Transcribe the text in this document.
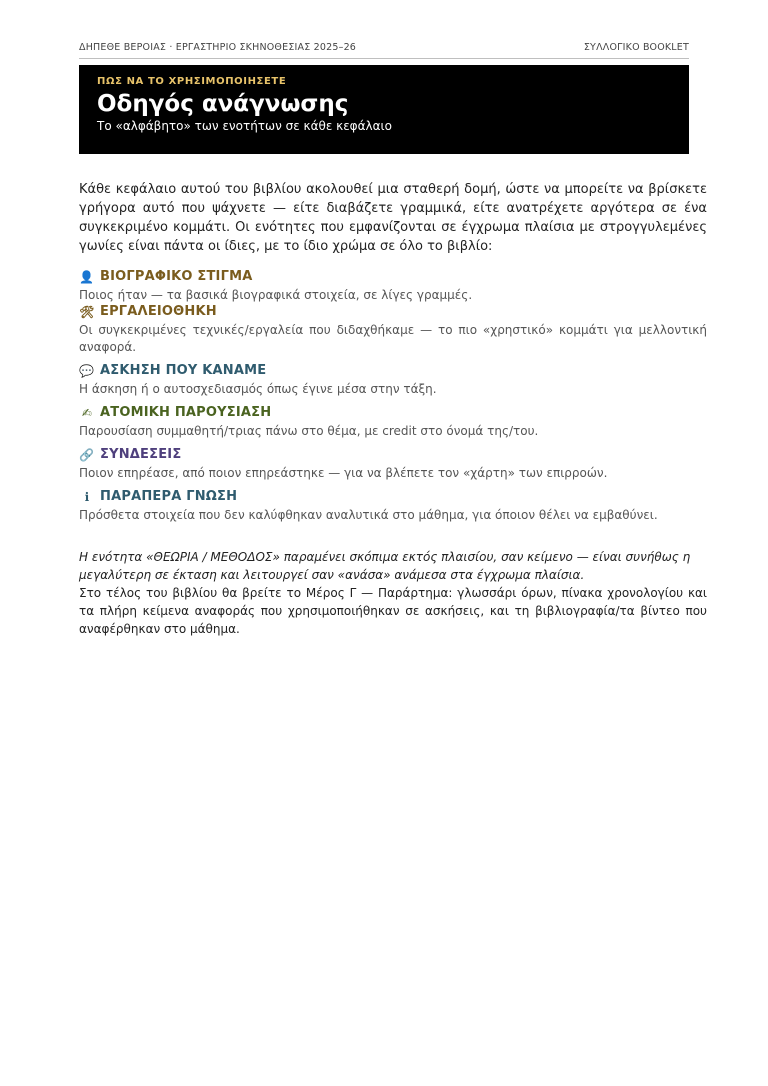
ΔΗΠΕΘΕ ΒΕΡΟΙΑΣ · ΕΡΓΑΣΤΗΡΙΟ ΣΚΗΝΟΘΕΣΙΑΣ 2025–26	ΣΥΛΛΟΓΙΚΟ BOOKLET
ΠΩΣ ΝΑ ΤΟ ΧΡΗΣΙΜΟΠΟΙΗΣΕΤΕ
Οδηγός ανάγνωσης
Το «αλφάβητο» των ενοτήτων σε κάθε κεφάλαιο
Κάθε κεφάλαιο αυτού του βιβλίου ακολουθεί μια σταθερή δομή, ώστε να μπορείτε να βρίσκετε γρήγορα αυτό που ψάχνετε — είτε διαβάζετε γραμμικά, είτε ανατρέχετε αργότερα σε ένα συγκεκριμένο κομμάτι. Οι ενότητες που εμφανίζονται σε έγχρωμα πλαίσια με στρογγυλεμένες γωνίες είναι πάντα οι ίδιες, με το ίδιο χρώμα σε όλο το βιβλίο:
👤 ΒΙΟΓΡΑΦΙΚΟ ΣΤΙΓΜΑ
Ποιος ήταν — τα βασικά βιογραφικά στοιχεία, σε λίγες γραμμές.
🛠 ΕΡΓΑΛΕΙΟΘΗΚΗ
Οι συγκεκριμένες τεχνικές/εργαλεία που διδαχθήκαμε — το πιο «χρηστικό» κομμάτι για μελλοντική αναφορά.
💬 ΑΣΚΗΣΗ ΠΟΥ ΚΑΝΑΜΕ
Η άσκηση ή ο αυτοσχεδιασμός όπως έγινε μέσα στην τάξη.
✍ ΑΤΟΜΙΚΗ ΠΑΡΟΥΣΙΑΣΗ
Παρουσίαση συμμαθητή/τριας πάνω στο θέμα, με credit στο όνομά της/του.
🔗 ΣΥΝΔΕΣΕΙΣ
Ποιον επηρέασε, από ποιον επηρεάστηκε — για να βλέπετε τον «χάρτη» των επιρροών.
ℹ ΠΑΡΑΠΕΡΑ ΓΝΩΣΗ
Πρόσθετα στοιχεία που δεν καλύφθηκαν αναλυτικά στο μάθημα, για όποιον θέλει να εμβαθύνει.
Η ενότητα «ΘΕΩΡΙΑ / ΜΕΘΟΔΟΣ» παραμένει σκόπιμα εκτός πλαισίου, σαν κείμενο — είναι συνήθως η μεγαλύτερη σε έκταση και λειτουργεί σαν «ανάσα» ανάμεσα στα έγχρωμα πλαίσια.
Στο τέλος του βιβλίου θα βρείτε το Μέρος Γ — Παράρτημα: γλωσσάρι όρων, πίνακα χρονολογίου και τα πλήρη κείμενα αναφοράς που χρησιμοποιήθηκαν σε ασκήσεις, και τη βιβλιογραφία/τα βίντεο που αναφέρθηκαν στο μάθημα.
